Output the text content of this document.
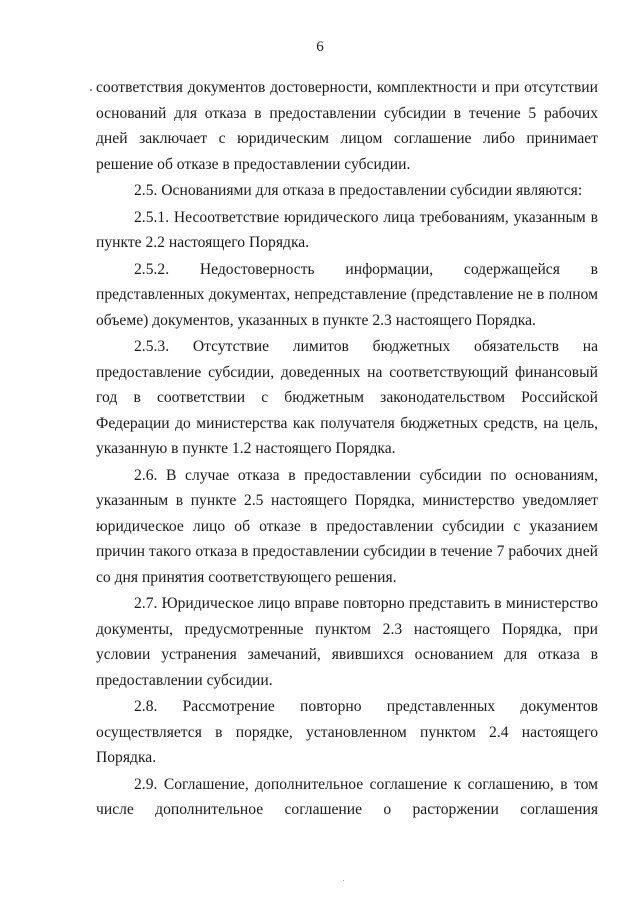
6

соответствия документов достоверности, комплектности и при отсутствии оснований для отказа в предоставлении субсидии в течение 5 рабочих дней заключает с юридическим лицом соглашение либо принимает решение об отказе в предоставлении субсидии.

2.5. Основаниями для отказа в предоставлении субсидии являются:

2.5.1. Несоответствие юридического лица требованиям, указанным в пункте 2.2 настоящего Порядка.

2.5.2. Недостоверность информации, содержащейся в представленных документах, непредставление (представление не в полном объеме) документов, указанных в пункте 2.3 настоящего Порядка.

2.5.3. Отсутствие лимитов бюджетных обязательств на предоставление субсидии, доведенных на соответствующий финансовый год в соответствии с бюджетным законодательством Российской Федерации до министерства как получателя бюджетных средств, на цель, указанную в пункте 1.2 настоящего Порядка.

2.6. В случае отказа в предоставлении субсидии по основаниям, указанным в пункте 2.5 настоящего Порядка, министерство уведомляет юридическое лицо об отказе в предоставлении субсидии с указанием причин такого отказа в предоставлении субсидии в течение 7 рабочих дней со дня принятия соответствующего решения.

2.7. Юридическое лицо вправе повторно представить в министерство документы, предусмотренные пунктом 2.3 настоящего Порядка, при условии устранения замечаний, явившихся основанием для отказа в предоставлении субсидии.

2.8. Рассмотрение повторно представленных документов осуществляется в порядке, установленном пунктом 2.4 настоящего Порядка.

2.9. Соглашение, дополнительное соглашение к соглашению, в том числе дополнительное соглашение о расторжении соглашения
